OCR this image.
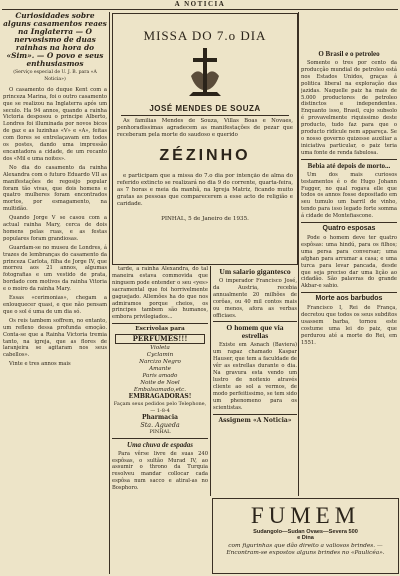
A NOTICIA
Curiosidades sobre alguns casamentos reaes na Inglaterra — O nervosismo de duas rainhas na hora do «Sim». — O povo e seus enthusiasmos
(Serviço especial de U. J. B. para «A Noticia»)

O casamento do duque Kent com a princeza Marina, foi o outro casamento que se realizou na Inglaterra após um seculo. Ha 94 annos, quando a rainha Victoria desposou o principe Alberto, Londres foi illuminada por novos bicos de gaz e as luzinhas «V» e «A», feitas com flores se entrelaçavam em todos os postes, dando uma impressão encantadora a cidade, de um recanto dos «Mil e uma noites».

No dia do casamento da rainha Alexandra com o futuro Eduardo VII as manifestações de regosijo popular foram tão vivas, que dois homens e quatro mulheres foram encontrados mortos, por esmagamento, na multidão.

Quando Jorge V se casou com a actual rainha Mary, cerca de dois homens pelas ruas, e as festas populares foram grandiosas.

Guardam-se no museu de Londres, á trazes de lembranças do casamento da princeza Carlota, filha de Jorge IV, que morreu aos 21 annos, algumas fotografias e um vestido de prata, bordado com motivos da rainha Vitoria e o moiro da rainha Mary.

Essas «cerimonias», chegam a enlouquecer quasi, e que não pensam que o sol é uma de um dia só.

Os reis tambem soffrem, no entanto, um reflexo dessa profunda emoção. Conta-se que a Rainha Victoria tremia tanto, na igreja, que as flores de laranjeira se agitaram nos seus cabellos».

Vinte e tres annos mais

MISSA DO 7.o DIA
JOSÉ MENDES DE SOUZA

As familias Mendes de Souza, Villas Boas e Novaes, penhoradissimas agradecem as manifestações de pezar que receberam pela morte do saudoso e querido

ZÉZINHO

e participam que a missa do 7.o dia por intenção de alma do referido extincto se realizará no dia 9 do corrente, quarta-feira, as 7 horas e meia da manhã, na Igreja Matriz, ficando muito gratas as pessoas que comparecerem a esse acto de religião e caridade.

PINHAL, 5 de Janeiro de 1935.

tarde, a rainha Alexandra, do tal maneira estava commovida que ninguem pode entender o seu «yes» sacramental que foi horrivelmente gaguejado. Allemões ha do que nos admiramos porque cheios, os principes tambem são humanos, embora privilegiados...

Escrivolas para
PERFUMES!!!
Violeta
Cyclamin
Narcizo Negro
Amante
Paris amado
Noite de Noel
Embalsamado,etc.
EMBRAGADORAS!
Façam seus pedidos pelo Telephone, — 1-8-4
Pharmacia
Sta. Agueda
PINHAL
Uma chuva de espadas

Para vêrse livre de suas 240 espôsas, o sultão Murad IV, ao assumir o throno da Turquia resolveu mandar collocar cada espôsa num sacco e atiral-as no Bosphoro.

Um salario gigantesco

O imperador Francisco José, da Austria, recebia annualmente 20 milhões de corôas, ou 40 mil contos mais ou menos, afora as verbas officiaes.

O homem que via estrellas

Existe em Asnach (Baviera) um rapaz chamado Kaspar Hauser, que tem a faculdade de vêr as estrellas durante o dia. Na gravura esta vendo um lustro de noitexio através cliente ao sol a vermos, de modo perfeitissimo, se tem sido um phenomeno para os scientistas.

Assignem «A Noticia»
O Brasil e o petroleo

Somente o tres por cento da producção mundial de petroleo está nos Estados Unidos, graças á politica liberal na exploração das jazidas. Naquelle paiz ha mais de 5.000 productores de petroleo distinctos e independentes. Enquanto isso, Brasil, cujo subsolo é provavelmente riquissimo deste producto, tudo faz para que o producto ridicule nem appareça. Se o nosso governo quizesse auxiliar a iniciativa particular, o paiz teria uma fonte de renda fabulosa.

Bebia até depois de morto...

Um dos mais curiosos testamentos é o de Hugo Johann Fugger, no qual rogava elle que todos os annos fosse depositado em seu tumulo um barril de vinho, tendo para isso legado forte somma á cidade de Montefiascone.

Quatro esposas

Pode o homem deve ter quatro espôsas: uma hindú, para os filhos; uma persa para conversar; uma afghan para arrumar a casa; e uma turca para levar pancada, desde que seja preciso dar uma lição ao cidadão. São palavras do grande Akbar-e sabio.

Morte aos barbudos

Francisco I, Rei de França, decretou que todos os seus subditos usassem barba, tornou este costume uma lei do paiz, que perdurou até a morte do Rei, em 1551.

FUMEM
Sudangolo—Sudan Ovaes—Severa 500
e Dina
com figurinhas que dão direito a valiosos brindes. — Encontram-se expostos alguns brindes no «Paulicéa».
